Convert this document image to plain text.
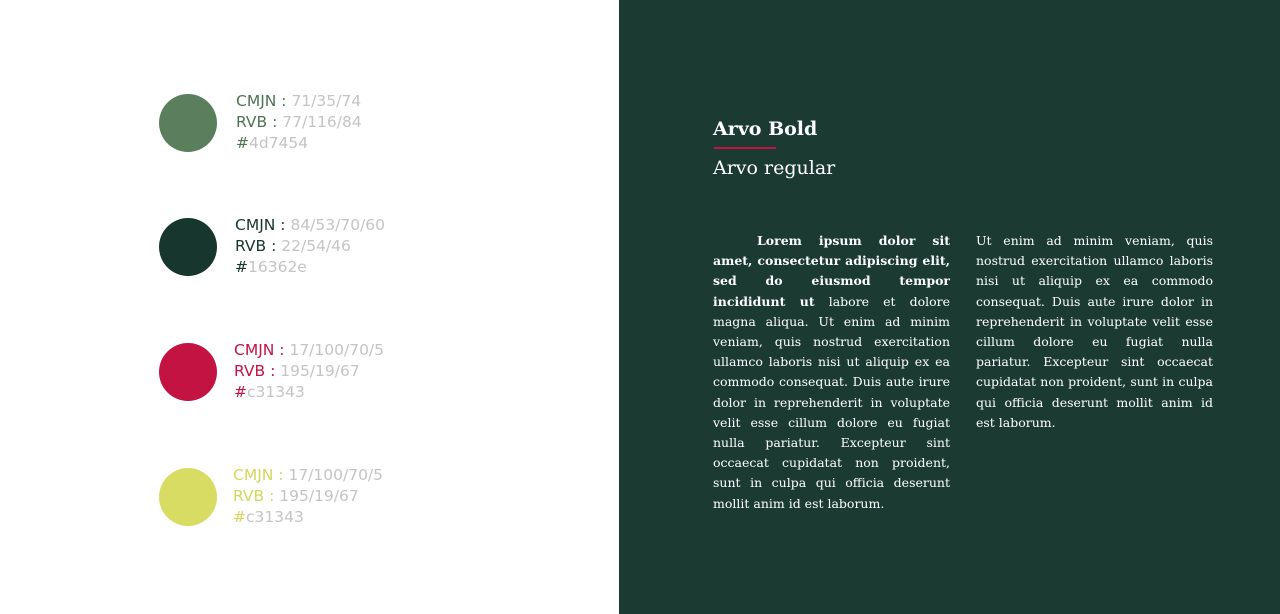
CMJN : 71/35/74
RVB : 77/116/84
#4d7454
CMJN : 84/53/70/60
RVB : 22/54/46
#16362e
CMJN : 17/100/70/5
RVB : 195/19/67
#c31343
CMJN : 17/100/70/5
RVB : 195/19/67
#c31343
Arvo Bold
Arvo regular
Lorem ipsum dolor sit amet, consectetur adipiscing elit, sed do eiusmod tempor incididunt ut labore et dolore magna aliqua. Ut enim ad minim veniam, quis nostrud exercitation ullamco laboris nisi ut aliquip ex ea commodo consequat. Duis aute irure dolor in reprehenderit in voluptate velit esse cillum dolore eu fugiat nulla pariatur. Excepteur sint occaecat cupidatat non proident, sunt in culpa qui officia deserunt mollit anim id est laborum.
Ut enim ad minim veniam, quis nostrud exercitation ullamco laboris nisi ut aliquip ex ea commodo consequat. Duis aute irure dolor in reprehenderit in voluptate velit esse cillum dolore eu fugiat nulla pariatur. Excepteur sint occaecat cupidatat non proident, sunt in culpa qui officia deserunt mollit anim id est laborum.
